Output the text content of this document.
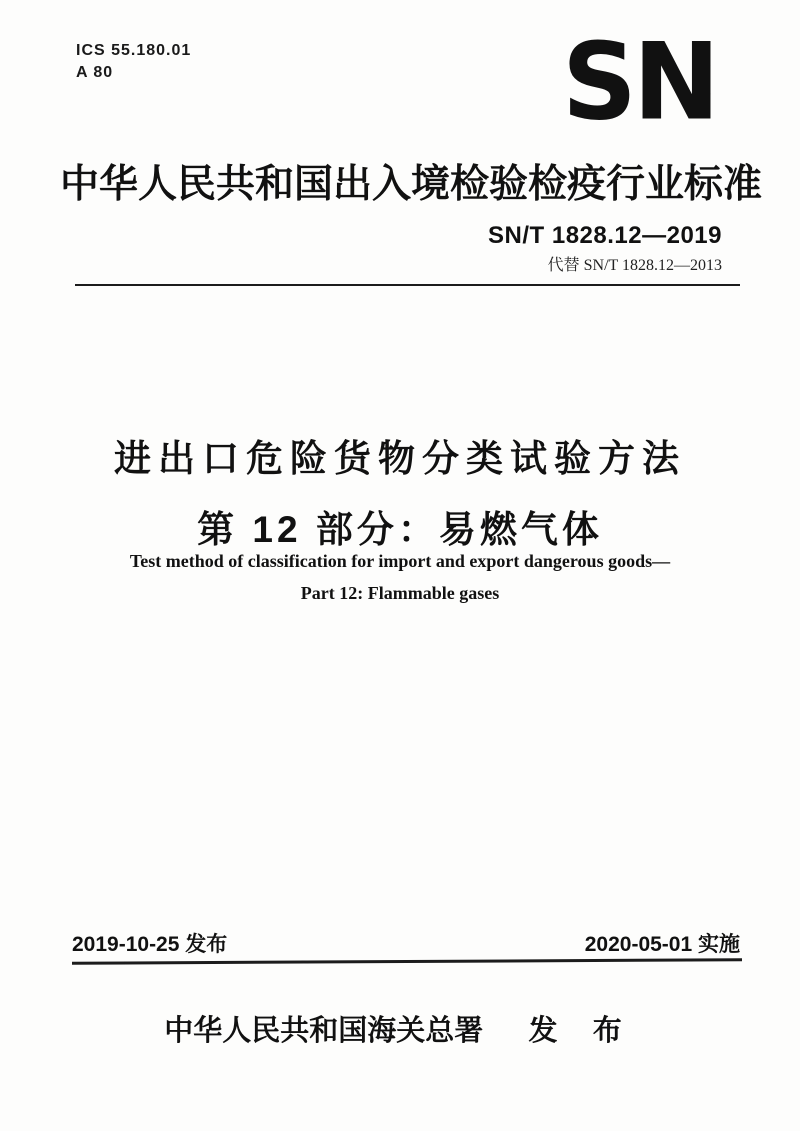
ICS 55.180.01
A 80	SN
中华人民共和国出入境检验检疫行业标准
SN/T 1828.12—2019
代替 SN/T 1828.12—2013
进出口危险货物分类试验方法
第 12 部分：易燃气体
Test method of classification for import and export dangerous goods—
Part 12: Flammable gases
2019-10-25 发布	2020-05-01 实施
中华人民共和国海关总署 发 布
